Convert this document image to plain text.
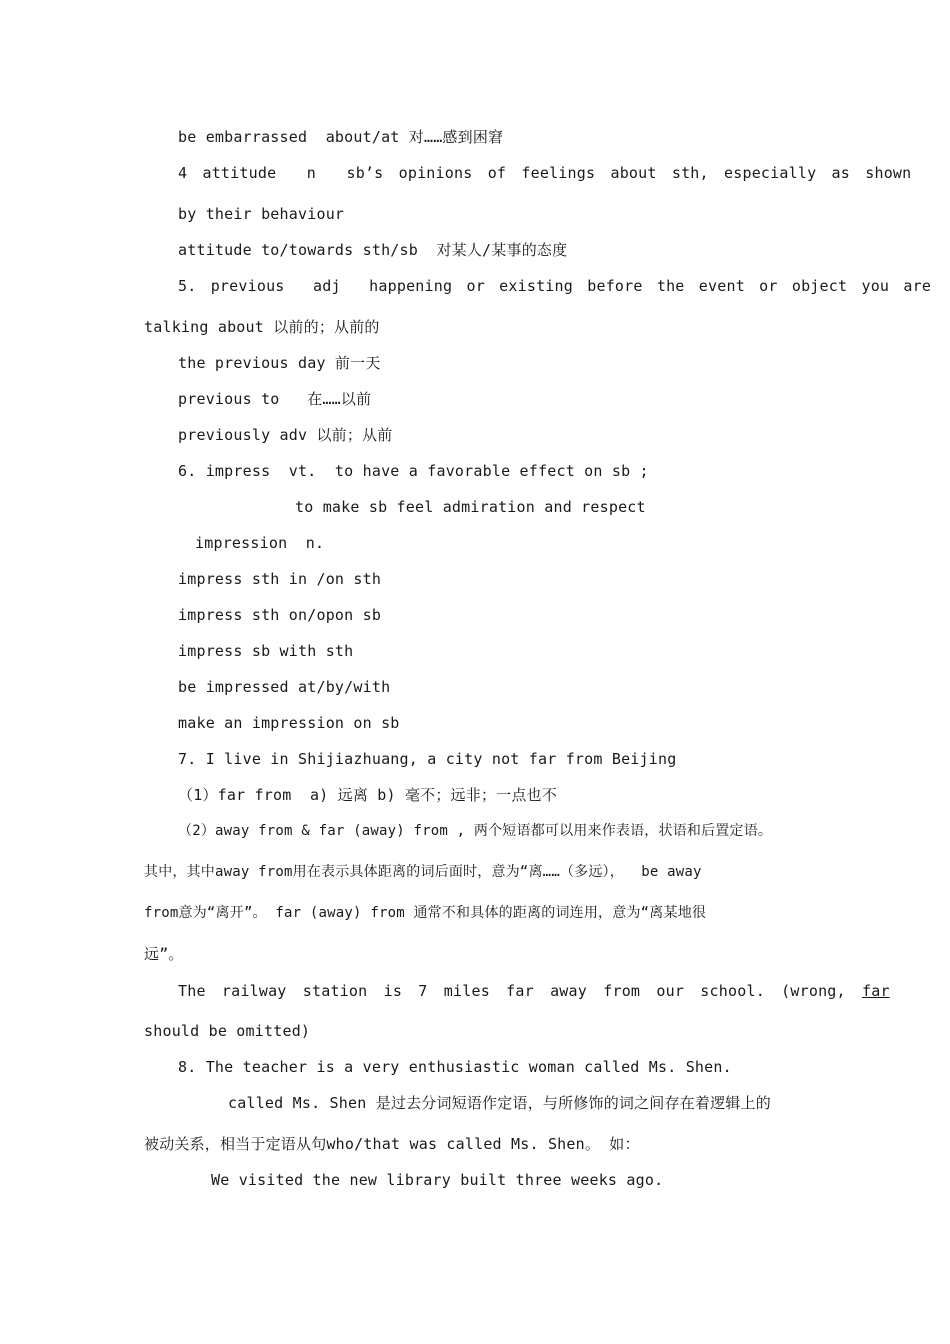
be embarrassed  about/at 对……感到困窘
4 attitude  n  sb’s opinions of feelings about sth, especially as shown
by their behaviour
attitude to/towards sth/sb  对某人/某事的态度
5. previous  adj  happening or existing before the event or object you are
talking about 以前的；从前的
the previous day 前一天
previous to   在……以前
previously adv 以前；从前
6. impress  vt.  to have a favorable effect on sb ;
to make sb feel admiration and respect
impression  n.
impress sth in /on sth
impress sth on/opon sb
impress sb with sth
be impressed at/by/with
make an impression on sb
7. I live in Shijiazhuang, a city not far from Beijing
（1）far from  a) 远离 b) 毫不；远非；一点也不
（2）away from & far (away) from , 两个短语都可以用来作表语，状语和后置定语。
其中，其中away from用在表示具体距离的词后面时，意为“离……（多远），  be away
from意为“离开”。 far (away) from 通常不和具体的距离的词连用，意为“离某地很
远”。
The railway station is 7 miles far away from our school. (wrong, far
should be omitted)
8. The teacher is a very enthusiastic woman called Ms. Shen.
called Ms. Shen 是过去分词短语作定语，与所修饰的词之间存在着逻辑上的
被动关系，相当于定语从句who/that was called Ms. Shen。 如：
We visited the new library built three weeks ago.
